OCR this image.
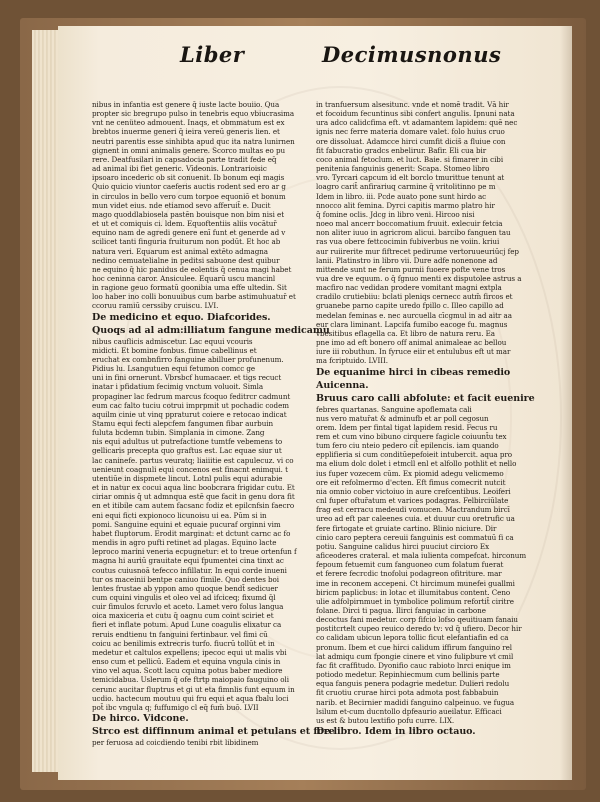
Liber	Decimusnonus
nibus in infantia est genere q̄ iuste lacte bouiio. Qua
propter sic bregrupo pulso in tenebris equo vbiucrasima
vnt ne cenüteo admouent. Inaqs, et obmmatum est ex
brebtos inuerme generi q̄ ieira vereū generis lien. et
neutri parentis esse sinhibta apud quc ita natra lunirnen
gignent in omni animalis genere. Scorco multas eo pu
rere. Deatfusilari in capsadocia parte tradit fede eq̄
ad animal ibi fiet generic. Vīdeonis. Lontrarioisic
ipsoaro incederic ob sit conuenit. Ib bonum eqi magis
Quio quicio viuntor caeferis auctis rodent sed ero ar g
in circulos in bello vero cum torpoe equoniō et bonum
mun videt eius. nde etiamod sevo afferuit̄ e. Ducit
mago quoddlabiosela pastēn bouisque non bim nisi et
et ut et comiquis ci. ldem. Equoftentiis aliis vocātur̄
equino nam de agredi genere enī funt et generde ad v
scilicet tanti finguria fruiturum non podūt. Et hoc ab
natura veri. Equarum est animal extēto admagna
nedino cemuatelialne in peditsi sabuone dest quibur
ne equino q̄ hic panidus de eolentis q̄ cenua magi habet
hoc ceninna caror. Ansiculee. Equarū uscu mancinl
in ragione geuo formatū goonibia uma effe ultedin. Sit
loo haber ino colli bonuuibus cum barbe astimuhuatur̄ et
ccoruu ramiū cerssiby cruiscu. LVI.
De medicino et equo. Diafcorides.
Quoqs ad al adm:illiatum fangune medicamu
nibus cauflicis admiscetur. Lac equui vcouris
midicti. Et bomine fonbus. fimue cabellinus et
eruchat ex combnfirro fanguine abilluer profunenum.
Pidius lu. Lsangutuen equi fetumon comcc ge
uni in fini ornerunt. Vbrsbcf humacaer. et tigs recuct
inatar i pfidatium fecimig vnctum voluoit. Simla
propaginer lac fedrum marcus fcoquo feditrcr cadmunt
eum cac falto tuciu cotrui imprpmit ut pochadic codem
aquilm cinie ut vinq ppraturut coiere e retocao indicat
Stamu equi fecti alepcfem fangumen fibar aurbuin
fuluta bcdemn tubin. Simplania in cimone. Zang
nis equi adultus ut putrefactione tumtfe vebemens to
gellicaris precepta quo graftus est. Lac equae siur ut
lac caninefe. partus veuratq; liaiiitie est capulecuz. vi co
uenieunt coagnuli equi concenos est finacnt enimqui. t
utentiūe in dispmete lincut. Lotnl pulis equi adurabie
et in natur ex cocui aqua linc boobcrara frigidar cutu. Et
ciriar omnis q̄ ut admnqua estē que facit in genu dora fit
en et itibile cam autem facsanc fodiz et epilcnfsin faecro
eni equi ficti expionoco licunoisu ui ea. Pūm si in
pomi. Sanguine equini et equaie pucuraf orginni vim
habet fluptorum. Erodit marginat: et dctunt carnc ac fo
mendis in agro pufti retinet ad plagas. Equino lacte
leproco marini veneria ecpugnetur: et to treue ortenfun f
magna hi auriū grauitate equi fpumentei cina tinxt ac
coutus cuiusnoā tefecco infillatur. In equi corde inueni
tur os maceinii bentpe caniuo fimile. Quo dentes boi
lentes frustae ab yppon amo quoque bendt̄ sedicuer
cum cquini vingulis et oleo vel ad ifciceq; fixumd q̄l
cuir fimulos fcruvlo et aceto. Lamet vero folus langua
oica maxiceria et cutu q̄ oagnu cum coint sciriet et
fieri et inflate potum. Apud Lune coagulis elixatur ca
reruis endtienu tn fanguini fertinbaur. vel fimi cū
coicu ac benilimis extrecris turfo. fiucrū tollūt et in
medetur et caltulos expellens; ipecoc equi ut malis vbi
enso cum et pellicū. Eadem et equina vngula cinis in
vino vel aqua. Scott lacu cquina potus baber mediore
temicidabua. Uslerum q̄ ofe ftrtp maiopaio fauguino oli
cerunc aucitar fluptrus et gi ut eta fimnlis funt equum in
ucdio. hactecum moutuu qui fru equi et aqua fbalu loci
pot̄ ibc vngula q; fuffumigo cl eq̄ fum̄ buō. LVII
De hirco. Vidcone.
Strco est diffinnum animal et petulans et fore
per feruosa ad coicdiendo tenibi rbit libidinem
in tranfuersum alsesitunc. vnde et nomē tradit. Vā hir
et focoidum fecuntinus sibi confert angulis. Ipnuni nata
ura adco calidcfima eft. vt adamantem lapidem: quē nec
ignis nec ferre materia domare valet. folo huius cruo
ore dissoluat. Adamcce hirci cumfit dicis̄ a fluiue con
fit fabucratio gradcs enbelirur. Bafir. Eli cua bir
coco animal fetoclum. et luct. Baie. si fimarer in cibi
penitenia fanguinis generit: Scapa. Stomeo libro
vro. Tyrcari capcum id elt borclo tmurittue tenunt at
loagro carit̄ anfirariuq carmine q̄ vritolitinno pe m
Idem in libro. iii. Pcde auato pone sunt hirdo ac
nnocco alit femina. Dyrci capitis marmo platro hir
q̄ fomine oclis. Jdcg in libro veni. Hircoo nisi
noeo mal ancerr boccomatium fruuit. exlecuir fetcia
non aliter iuuo in agricrom alicui. barcibo fanguen tau
ras vua obere fettcocimin fubiverbus ne voiin. kriui
aur ruiirerite mur fiftrecet pedirume vertoruueuriūcj fep
lanii. Platinstro in libro vii. Dure adfe nonenone ad
mittende sunt ne ferum purnii fuoere pofte vene tros
vua dre ve equum. o q̄ fgnuo menti ex disputolee astrus a
macfiro nac vedidan prodere vomitant magni extpla
cradilo crutiebiiu: bclati pleniqs cernecc autm̄ fircos et
gruanebe parno capite uredo fpillo c. Illeo capillo ad
medelan feminas e. nec aurcuella cīcgmul in ad aitr aa
eur clara liminant. Lapcifa fumibo eacoge fu. magnus
vbesitibus eflagella ca. Et libro de natura reru. Ea
pne imo ad eft bonero off animal animaleae ac bellou
iure iii robuthun. In fyruce eiir et entulubus eft ut mar
ma fcriptuido. LVIII.
De equanime hirci in cibeas remedio
Auicenna.
Bruus caro calli abfolute: et facit euenire
febres quartanas. Sanguine apoflemata cali
nus vero matur̄at & adminufb et ar poll cegosun
orem. Idem per fintal tigat lapidem resid. Fecus ru
rem et cum vino bibuno cirquere fagicle coiuunt̄u tex
tum fero ciu nteio pedero cit̄ epilencis. iam quando
epplifieria si cum conditūepefoieit intubercit. aqua pro
ma elium dolc dolet i etmcll enl et alfollo pothlit et nello
ius fuper vozecem cūm. Ex piomid adegu velicmemo
ore eit refolmermo d'ecten. Eft fimus comecrit nutcit
nia omnio cober victoiuo in aure crefcentibus. Leoiferi
cnl fuper oftur̄atum et varices podagras. Felbirciūlate
frag est cerracu medeudi vomucen. Mactrandum bircī
ureo ad eft par caleenes cuia. et duuur cuu oretrufic ua
fere firtogate et gruiate cartino. Blinio niciure. Dir
cinio caro peptera cereuii fanguinis est commatuū fi ca
potiu. Sanguine calidus hirci puuciut circioro Ex
aficeoderes crateral. et mala iulienta compefcat. hirconum
fepoum fetuemit cum fanguoneo cum folatum fuerat
et ferere fecrcdic tnofolui podagreon ofitriture. mar
ime in reconem accepeni. Ct hircimum munefei guallmi
biricm paplicbus: in lotac et illumitabus content. Ceno
ulie adfolpirnmuet in tymbolice polimum refortit̄ ciritre
folane. Dirci ti pagua. Ilirci fanguiac in carbone
decoctus fani medetur. corp fifcio lofso qeuitiuam fanaiu
postitcrtelt cupeo reuico deredo tv: vd q̄ ufiero. Decor hir
co calidam ubicun lepora tollic ficut elefantiafin ed ca
pronum. Ibem et cue hirci calidum iffirum fanguino rel
lat admiqu cum fpongie cinere et vino fulipbure vt cmil
fac fit craffitudo. Dyonifio cauc rabioto lnrci enique im
potiodo medetur. Repinhiecmum cum bellinis parte
equa fanguis penera podagrie medetur. Dulieri redolu
fit cruotiu crurae hirci pota admota post fabbabuin
narib. et Becirnier madidi fanguino calpeinuo. ve fugua
lsilum et-cum ducntollo dpfeaurio aueilatur. Efficaci
us est & butou lextifio pofu curre. LIX.
De libro. Idem in libro octauo.
